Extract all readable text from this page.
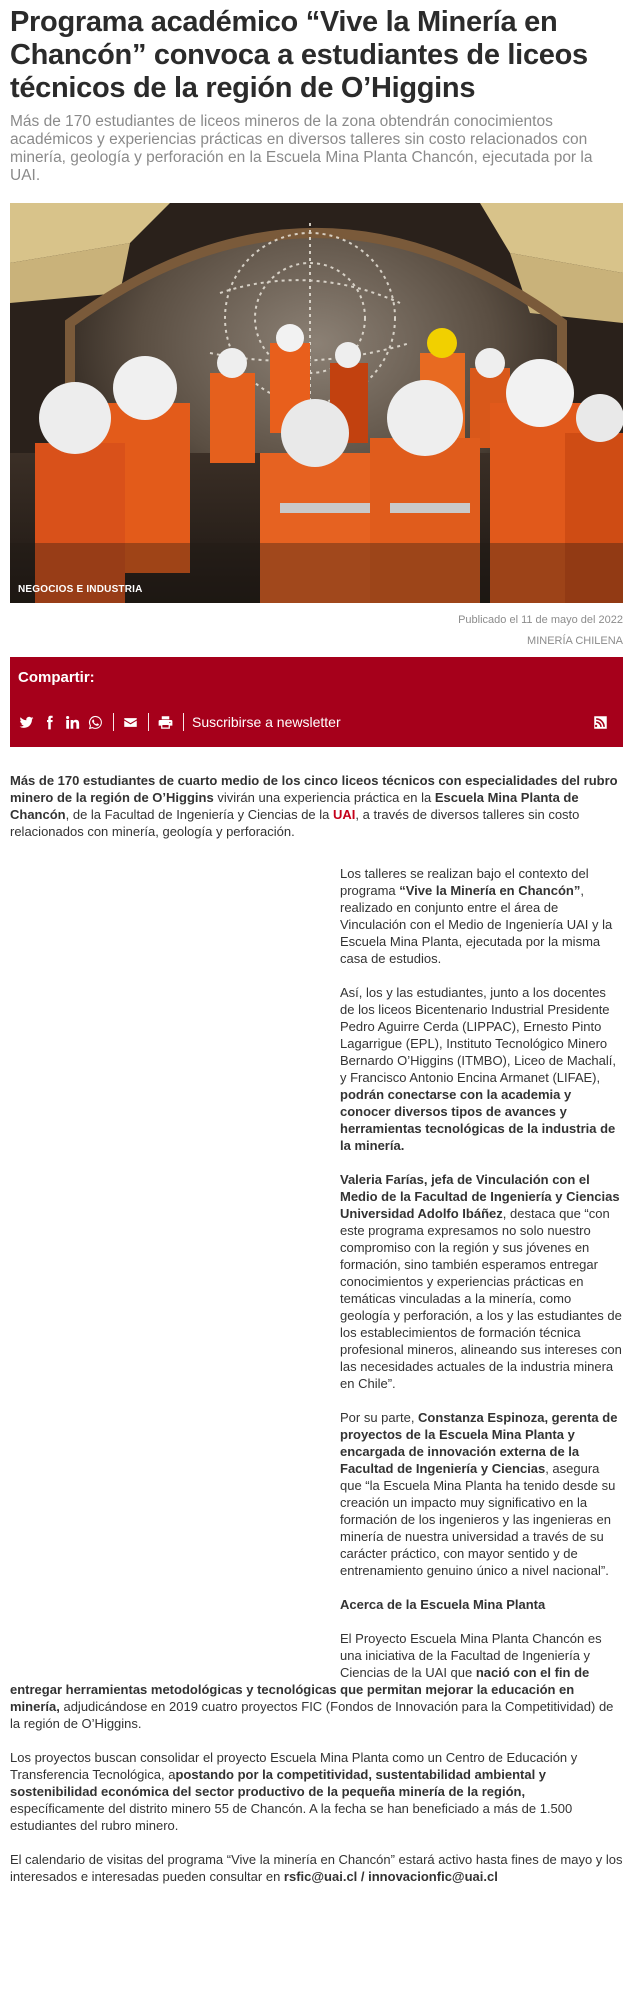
Programa académico “Vive la Minería en Chancón” convoca a estudiantes de liceos técnicos de la región de O’Higgins

Más de 170 estudiantes de liceos mineros de la zona obtendrán conocimientos académicos y experiencias prácticas en diversos talleres sin costo relacionados con minería, geología y perforación en la Escuela Mina Planta Chancón, ejecutada por la UAI.

NEGOCIOS E INDUSTRIA
Publicado el 11 de mayo del 2022
MINERÍA CHILENA
Compartir:
Suscribirse a newsletter

Más de 170 estudiantes de cuarto medio de los cinco liceos técnicos con especialidades del rubro minero de la región de O’Higgins vivirán una experiencia práctica en la Escuela Mina Planta de Chancón, de la Facultad de Ingeniería y Ciencias de la UAI, a través de diversos talleres sin costo relacionados con minería, geología y perforación.

Los talleres se realizan bajo el contexto del programa “Vive la Minería en Chancón”, realizado en conjunto entre el área de Vinculación con el Medio de Ingeniería UAI y la Escuela Mina Planta, ejecutada por la misma casa de estudios.

Así, los y las estudiantes, junto a los docentes de los liceos Bicentenario Industrial Presidente Pedro Aguirre Cerda (LIPPAC), Ernesto Pinto Lagarrigue (EPL), Instituto Tecnológico Minero Bernardo O’Higgins (ITMBO), Liceo de Machalí, y Francisco Antonio Encina Armanet (LIFAE), podrán conectarse con la academia y conocer diversos tipos de avances y herramientas tecnológicas de la industria de la minería.

Valeria Farías, jefa de Vinculación con el Medio de la Facultad de Ingeniería y Ciencias Universidad Adolfo Ibáñez, destaca que “con este programa expresamos no solo nuestro compromiso con la región y sus jóvenes en formación, sino también esperamos entregar conocimientos y experiencias prácticas en temáticas vinculadas a la minería, como geología y perforación, a los y las estudiantes de los establecimientos de formación técnica profesional mineros, alineando sus intereses con las necesidades actuales de la industria minera en Chile”.

Por su parte, Constanza Espinoza, gerenta de proyectos de la Escuela Mina Planta y encargada de innovación externa de la Facultad de Ingeniería y Ciencias, asegura que “la Escuela Mina Planta ha tenido desde su creación un impacto muy significativo en la formación de los ingenieros y las ingenieras en minería de nuestra universidad a través de su carácter práctico, con mayor sentido y de entrenamiento genuino único a nivel nacional”.

Acerca de la Escuela Mina Planta

El Proyecto Escuela Mina Planta Chancón es una iniciativa de la Facultad de Ingeniería y Ciencias de la UAI que nació con el fin de

entregar herramientas metodológicas y tecnológicas que permitan mejorar la educación en minería, adjudicándose en 2019 cuatro proyectos FIC (Fondos de Innovación para la Competitividad) de la región de O’Higgins.

Los proyectos buscan consolidar el proyecto Escuela Mina Planta como un Centro de Educación y Transferencia Tecnológica, apostando por la competitividad, sustentabilidad ambiental y sostenibilidad económica del sector productivo de la pequeña minería de la región, específicamente del distrito minero 55 de Chancón. A la fecha se han beneficiado a más de 1.500 estudiantes del rubro minero.

El calendario de visitas del programa “Vive la minería en Chancón” estará activo hasta fines de mayo y los interesados e interesadas pueden consultar en rsfic@uai.cl / innovacionfic@uai.cl
